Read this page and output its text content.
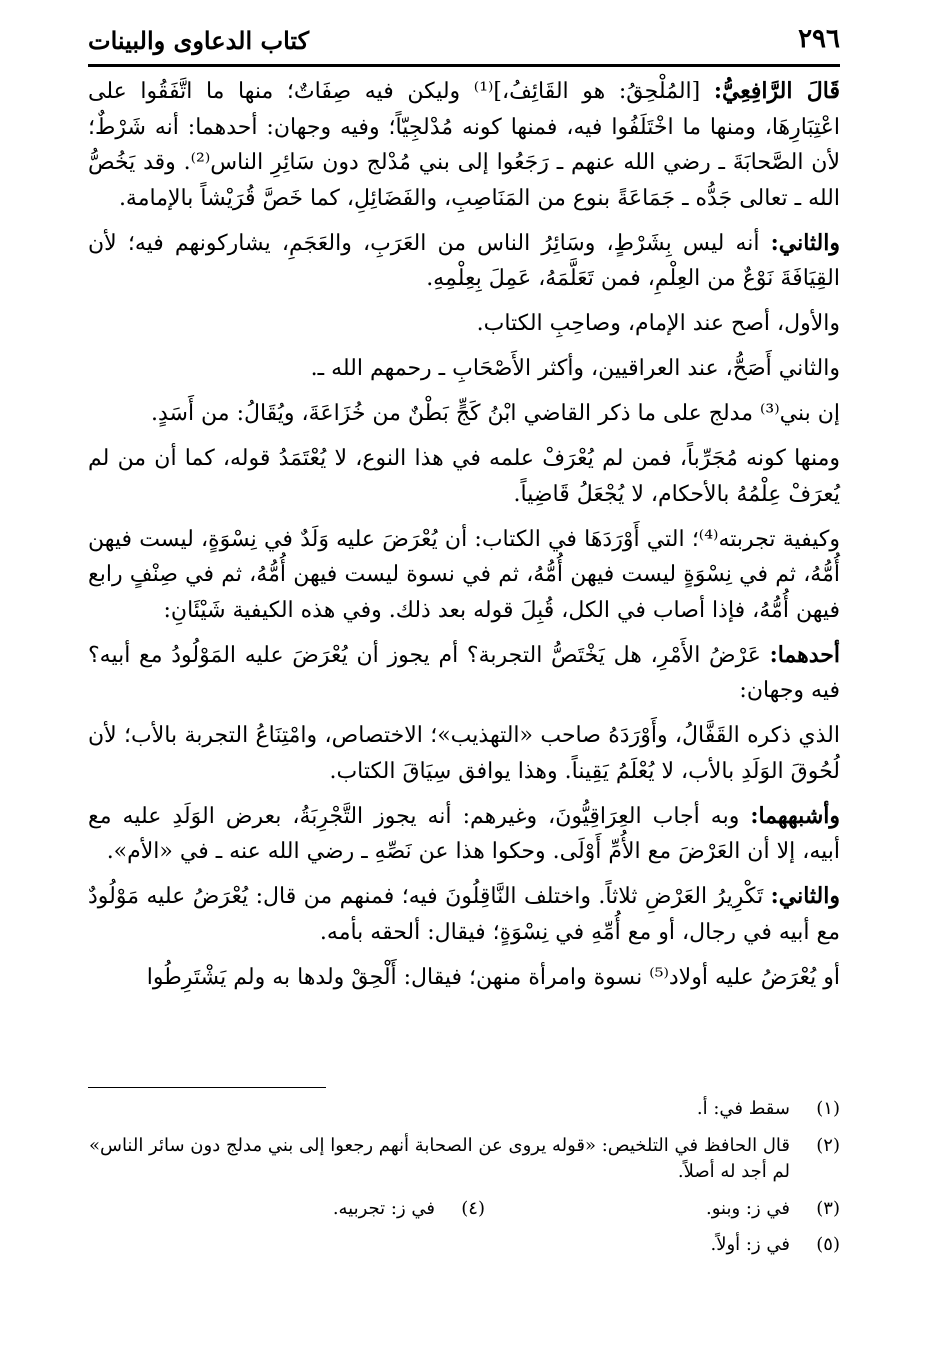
٢٩٦
كتاب الدعاوى والبينات

قَالَ الرَّافِعِيُّ: [المُلْحِقُ: هو القَائِفُ،]⁽¹⁾ وليكن فيه صِفَاتٌ؛ منها ما اتَّفَقُوا على اعْتِبَارِهَا، ومنها ما اخْتَلَفُوا فيه، فمنها كونه مُدْلجِيّاً؛ وفيه وجهان: أحدهما: أنه شَرْطٌ؛ لأن الصَّحابَةَ ـ رضي الله عنهم ـ رَجَعُوا إلى بني مُدْلج دون سَائِرِ الناس⁽²⁾. وقد يَخُصُّ الله ـ تعالى جَدُّه ـ جَمَاعَةً بنوع من المَنَاصِبِ، والفَضَائِلِ، كما خَصَّ قُرَيْشاً بالإمامة.

والثاني: أنه ليس بِشَرْطٍ، وسَائِرُ الناس من العَرَبِ، والعَجَمِ، يشاركونهم فيه؛ لأن القِيَافَةَ نَوْعٌ من العِلْمِ، فمن تَعَلَّمَهُ، عَمِلَ بِعِلْمِهِ.

والأول، أصح عند الإمام، وصاحِبِ الكتاب.

والثاني أَصَحُّ، عند العراقيين، وأكثر الأَصْحَابِ ـ رحمهم الله ـ.

إن بني⁽³⁾ مدلج على ما ذكر القاضي ابْنُ كَجٍّ بَطْنٌ من خُزَاعَةَ، ويُقَالُ: من أَسَدٍ.

ومنها كونه مُجَرِّباً، فمن لم يُعْرَفْ علمه في هذا النوع، لا يُعْتَمَدُ قوله، كما أن من لم يُعرَفْ عِلْمُهُ بالأحكام، لا يُجْعَلُ قَاضِياً.

وكيفية تجربته⁽⁴⁾؛ التي أَوْرَدَهَا في الكتاب: أن يُعْرَضَ عليه وَلَدٌ في نِسْوَةٍ، ليست فيهن أُمُّهُ، ثم في نِسْوَةٍ ليست فيهن أُمُّهُ، ثم في نسوة ليست فيهن أُمُّهُ، ثم في صِنْفٍ رابع فيهن أُمُّهُ، فإذا أصاب في الكل، قُبِلَ قوله بعد ذلك. وفي هذه الكيفية شَيْئَانِ:

أحدهما: عَرْضُ الأَمْرِ، هل يَخْتَصُّ التجربة؟ أم يجوز أن يُعْرَضَ عليه المَوْلُودُ مع أبيه؟ فيه وجهان:

الذي ذكره القَفَّالُ، وأَوْرَدَهُ صاحب «التهذيب»؛ الاختصاص، وامْتِنَاعُ التجربة بالأب؛ لأن لُحُوقَ الوَلَدِ بالأب، لا يُعْلَمُ يَقِيناً. وهذا يوافق سِيَاقَ الكتاب.

وأشبههما: وبه أجاب العِرَاقِيُّونَ، وغيرهم: أنه يجوز التَّجْرِبَةُ، بعرض الوَلَدِ عليه مع أبيه، إلا أن العَرْضَ مع الأُمِّ أَوْلَى. وحكوا هذا عن نَصِّهِ ـ رضي الله عنه ـ في «الأم».

والثاني: تَكْرِيرُ العَرْضِ ثلاثاً. واختلف النَّاقِلُونَ فيه؛ فمنهم من قال: يُعْرَضُ عليه مَوْلُودٌ مع أبيه في رجال، أو مع أُمِّهِ في نِسْوَةٍ؛ فيقال: ألحقه بأمه.

أو يُعْرَضُ عليه أولاد⁽⁵⁾ نسوة وامرأة منهن؛ فيقال: أَلْحِقْ ولدها به ولم يَشْتَرِطُوا

(١)
سقط في: أ.
(٢)
قال الحافظ في التلخيص: «قوله يروى عن الصحابة أنهم رجعوا إلى بني مدلج دون سائر الناس» لم أجد له أصلاً.
(٣)
في ز: وبنو.
(٤)
في ز: تجربيه.
(٥)
في ز: أولاً.
